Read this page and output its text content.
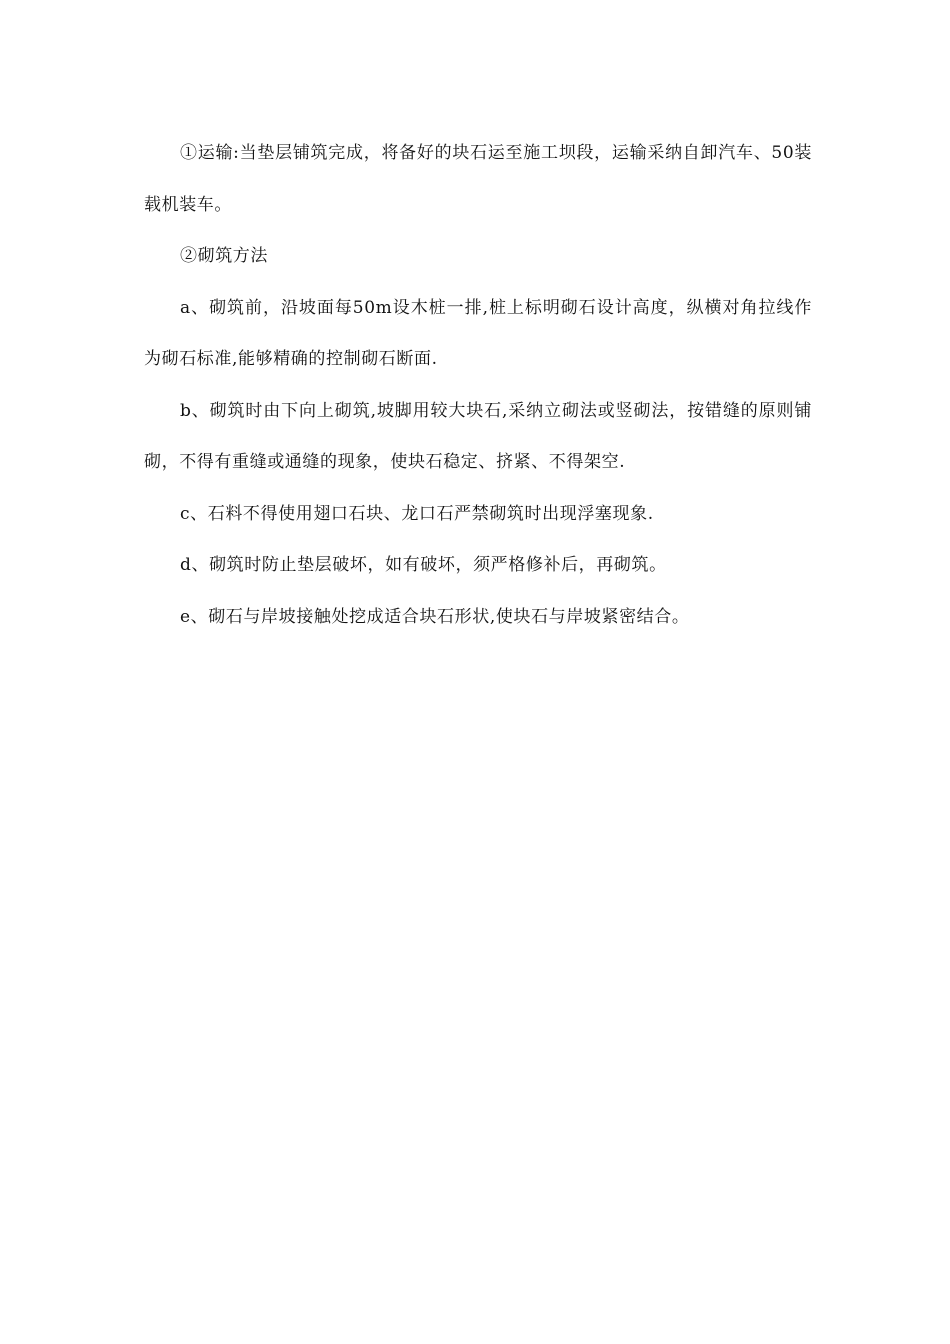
①运输:当垫层铺筑完成，将备好的块石运至施工坝段，运输采纳自卸汽车、50装载机装车。

②砌筑方法

a、砌筑前，沿坡面每50m设木桩一排,桩上标明砌石设计高度，纵横对角拉线作为砌石标准,能够精确的控制砌石断面.

b、砌筑时由下向上砌筑,坡脚用较大块石,采纳立砌法或竖砌法，按错缝的原则铺砌，不得有重缝或通缝的现象，使块石稳定、挤紧、不得架空.

c、石料不得使用翅口石块、龙口石严禁砌筑时出现浮塞现象.

d、砌筑时防止垫层破坏，如有破坏，须严格修补后，再砌筑。

e、砌石与岸坡接触处挖成适合块石形状,使块石与岸坡紧密结合。
